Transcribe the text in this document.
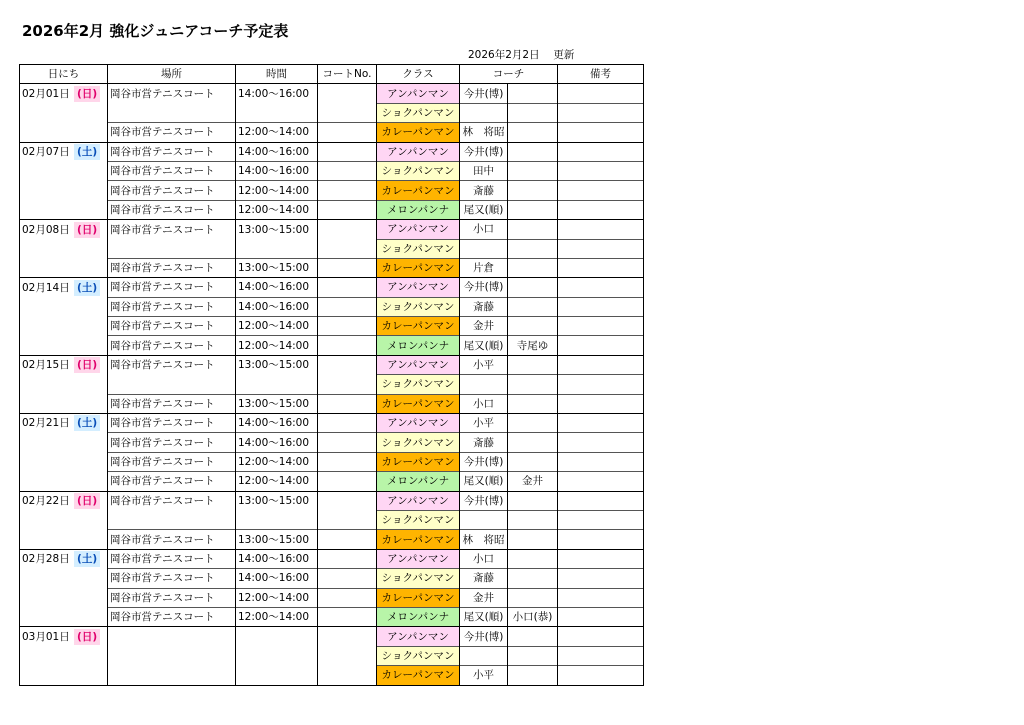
2026年2月 強化ジュニアコーチ予定表
2026年2月2日　 更新
日にち	場所	時間	コートNo.	クラス	コーチ		備考
02月01日 (日)	岡谷市営テニスコート	14:00～16:00		アンパンマン	今井(博)		
				ショクパンマン			
	岡谷市営テニスコート	12:00～14:00		カレーパンマン	林　将昭		
02月07日 (土)	岡谷市営テニスコート	14:00～16:00		アンパンマン	今井(博)		
	岡谷市営テニスコート	14:00～16:00		ショクパンマン	田中		
	岡谷市営テニスコート	12:00～14:00		カレーパンマン	斎藤		
	岡谷市営テニスコート	12:00～14:00		メロンパンナ	尾又(順)		
02月08日 (日)	岡谷市営テニスコート	13:00～15:00		アンパンマン	小口		
				ショクパンマン			
	岡谷市営テニスコート	13:00～15:00		カレーパンマン	片倉		
02月14日 (土)	岡谷市営テニスコート	14:00～16:00		アンパンマン	今井(博)		
	岡谷市営テニスコート	14:00～16:00		ショクパンマン	斎藤		
	岡谷市営テニスコート	12:00～14:00		カレーパンマン	金井		
	岡谷市営テニスコート	12:00～14:00		メロンパンナ	尾又(順)	寺尾ゆ	
02月15日 (日)	岡谷市営テニスコート	13:00～15:00		アンパンマン	小平		
				ショクパンマン			
	岡谷市営テニスコート	13:00～15:00		カレーパンマン	小口		
02月21日 (土)	岡谷市営テニスコート	14:00～16:00		アンパンマン	小平		
	岡谷市営テニスコート	14:00～16:00		ショクパンマン	斎藤		
	岡谷市営テニスコート	12:00～14:00		カレーパンマン	今井(博)		
	岡谷市営テニスコート	12:00～14:00		メロンパンナ	尾又(順)	金井	
02月22日 (日)	岡谷市営テニスコート	13:00～15:00		アンパンマン	今井(博)		
				ショクパンマン			
	岡谷市営テニスコート	13:00～15:00		カレーパンマン	林　将昭		
02月28日 (土)	岡谷市営テニスコート	14:00～16:00		アンパンマン	小口		
	岡谷市営テニスコート	14:00～16:00		ショクパンマン	斎藤		
	岡谷市営テニスコート	12:00～14:00		カレーパンマン	金井		
	岡谷市営テニスコート	12:00～14:00		メロンパンナ	尾又(順)	小口(恭)	
03月01日 (日)				アンパンマン	今井(博)		
				ショクパンマン			
				カレーパンマン	小平		
